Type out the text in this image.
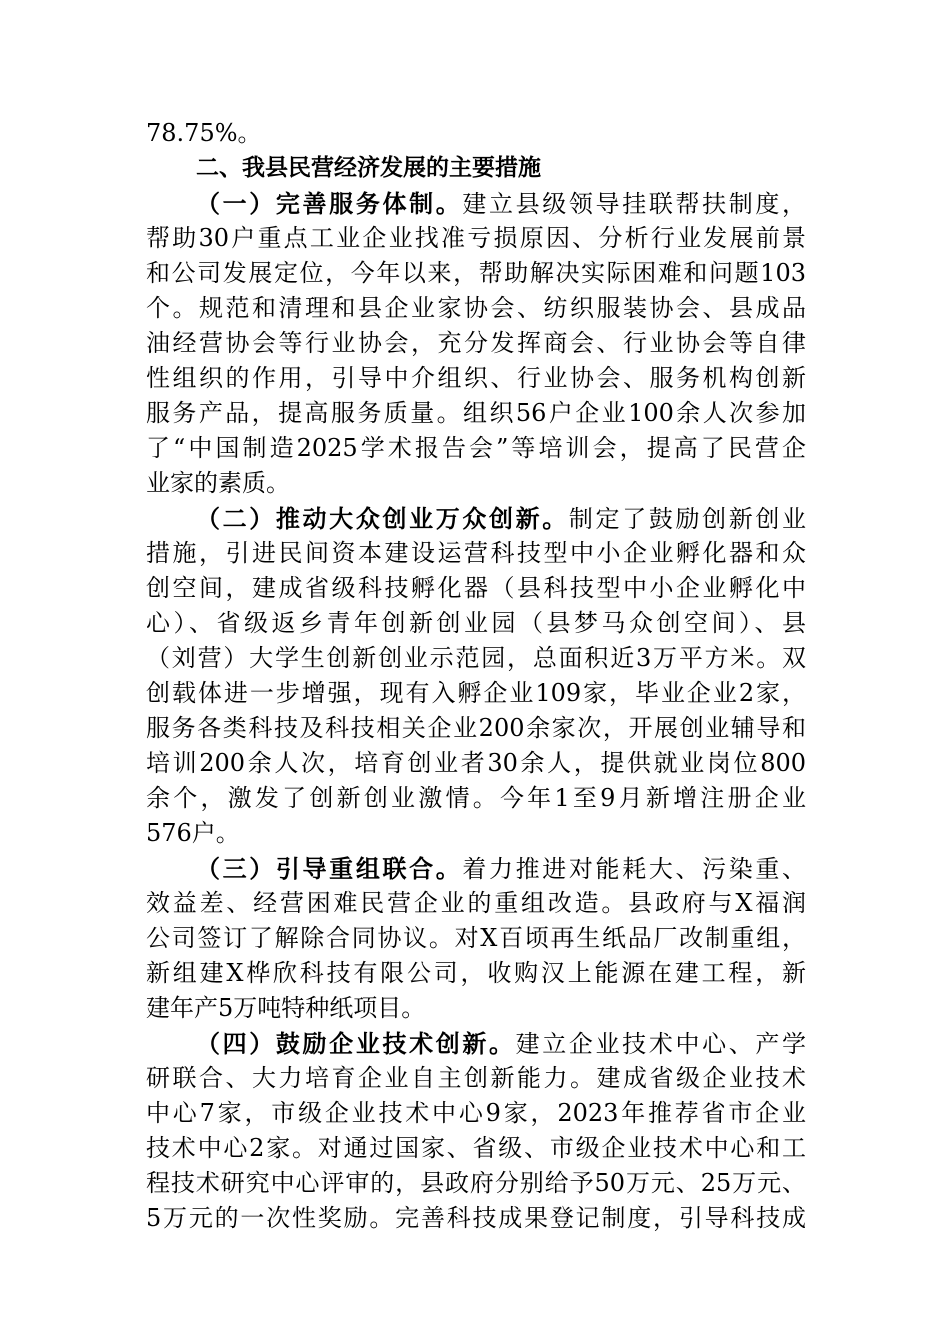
78.75%。
二、我县民营经济发展的主要措施
（一）完善服务体制。建立县级领导挂联帮扶制度，
帮助30户重点工业企业找准亏损原因、分析行业发展前景
和公司发展定位，今年以来，帮助解决实际困难和问题103
个。规范和清理和县企业家协会、纺织服装协会、县成品
油经营协会等行业协会，充分发挥商会、行业协会等自律
性组织的作用，引导中介组织、行业协会、服务机构创新
服务产品，提高服务质量。组织56户企业100余人次参加
了“中国制造2025学术报告会”等培训会，提高了民营企
业家的素质。
（二）推动大众创业万众创新。制定了鼓励创新创业
措施，引进民间资本建设运营科技型中小企业孵化器和众
创空间，建成省级科技孵化器（县科技型中小企业孵化中
心）、省级返乡青年创新创业园（县梦马众创空间）、县
（刘营）大学生创新创业示范园，总面积近3万平方米。双
创载体进一步增强，现有入孵企业109家，毕业企业2家，
服务各类科技及科技相关企业200余家次，开展创业辅导和
培训200余人次，培育创业者30余人，提供就业岗位800
余个，激发了创新创业激情。今年1至9月新增注册企业
576户。
（三）引导重组联合。着力推进对能耗大、污染重、
效益差、经营困难民营企业的重组改造。县政府与X福润
公司签订了解除合同协议。对X百顷再生纸品厂改制重组，
新组建X桦欣科技有限公司，收购汉上能源在建工程，新
建年产5万吨特种纸项目。
（四）鼓励企业技术创新。建立企业技术中心、产学
研联合、大力培育企业自主创新能力。建成省级企业技术
中心7家，市级企业技术中心9家，2023年推荐省市企业
技术中心2家。对通过国家、省级、市级企业技术中心和工
程技术研究中心评审的，县政府分别给予50万元、25万元、
5万元的一次性奖励。完善科技成果登记制度，引导科技成
